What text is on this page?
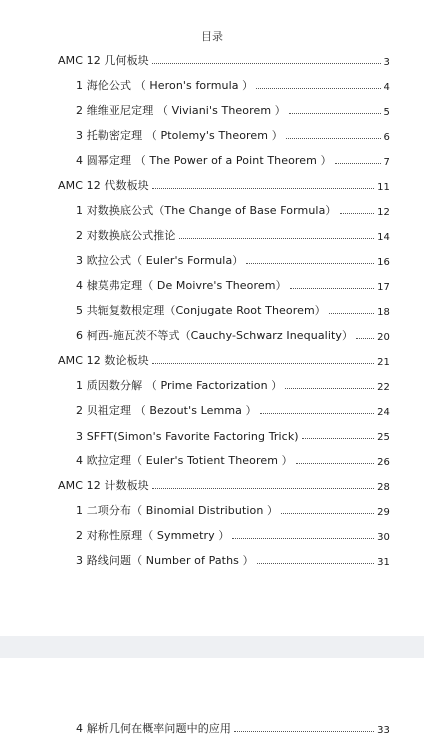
目录
AMC 12 几何板块	3
1 海伦公式 （ Heron's formula ）	4
2 维维亚尼定理 （ Viviani's Theorem ）	5
3 托勒密定理 （ Ptolemy's Theorem ）	6
4 圆幂定理 （ The Power of a Point Theorem ）	7
AMC 12 代数板块	11
1 对数换底公式（The Change of Base Formula）	12
2 对数换底公式推论	14
3 欧拉公式（ Euler's Formula）	16
4 棣莫弗定理（ De Moivre's Theorem）	17
5 共轭复数根定理（Conjugate Root Theorem）	18
6 柯西-施瓦茨不等式（Cauchy-Schwarz Inequality）	20
AMC 12 数论板块	21
1 质因数分解 （ Prime Factorization ）	22
2 贝祖定理 （ Bezout's Lemma ）	24
3 SFFT(Simon's Favorite Factoring Trick)	25
4 欧拉定理（ Euler's Totient Theorem ）	26
AMC 12 计数板块	28
1 二项分布（ Binomial Distribution ）	29
2 对称性原理（ Symmetry ）	30
3 路线问题（ Number of Paths ）	31
4 解析几何在概率问题中的应用	33
